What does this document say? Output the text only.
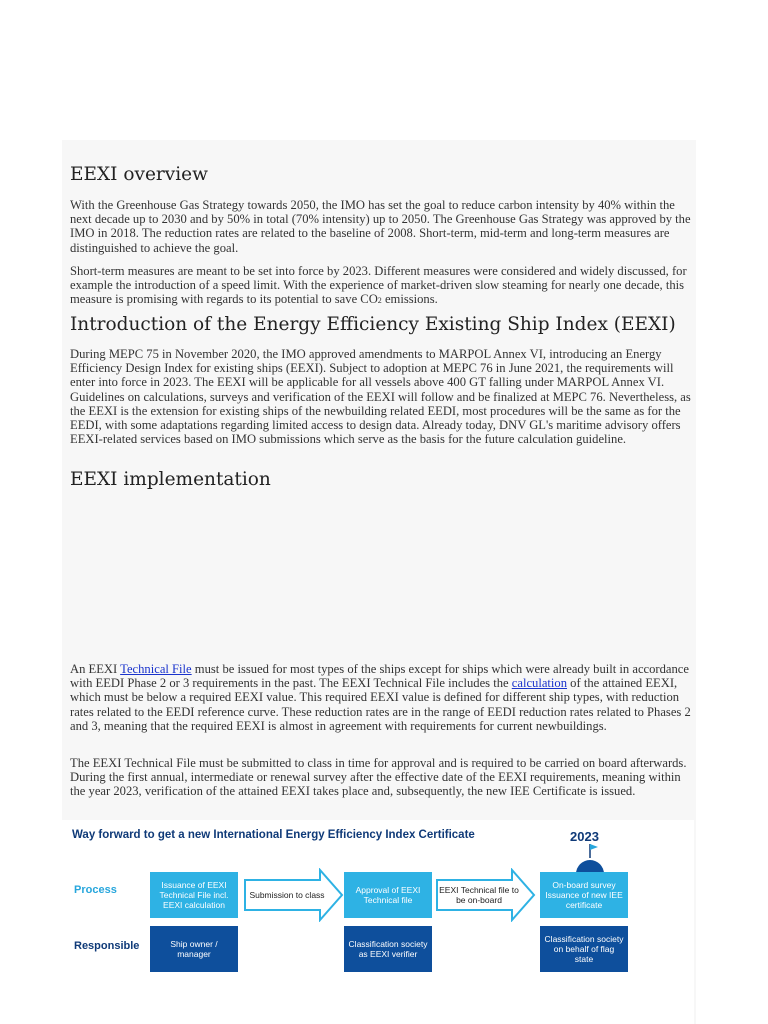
EEXI overview

With the Greenhouse Gas Strategy towards 2050, the IMO has set the goal to reduce carbon intensity by 40% within the next decade up to 2030 and by 50% in total (70% intensity) up to 2050. The Greenhouse Gas Strategy was approved by the IMO in 2018. The reduction rates are related to the baseline of 2008. Short-term, mid-term and long-term measures are distinguished to achieve the goal.

Short-term measures are meant to be set into force by 2023. Different measures were considered and widely discussed, for example the introduction of a speed limit. With the experience of market-driven slow steaming for nearly one decade, this measure is promising with regards to its potential to save CO2 emissions.

Introduction of the Energy Efficiency Existing Ship Index (EEXI)

During MEPC 75 in November 2020, the IMO approved amendments to MARPOL Annex VI, introducing an Energy Efficiency Design Index for existing ships (EEXI). Subject to adoption at MEPC 76 in June 2021, the requirements will enter into force in 2023. The EEXI will be applicable for all vessels above 400 GT falling under MARPOL Annex VI. Guidelines on calculations, surveys and verification of the EEXI will follow and be finalized at MEPC 76. Nevertheless, as the EEXI is the extension for existing ships of the newbuilding related EEDI, most procedures will be the same as for the EEDI, with some adaptations regarding limited access to design data. Already today, DNV GL's maritime advisory offers EEXI-related services based on IMO submissions which serve as the basis for the future calculation guideline.

EEXI implementation

An EEXI Technical File must be issued for most types of the ships except for ships which were already built in accordance with EEDI Phase 2 or 3 requirements in the past. The EEXI Technical File includes the calculation of the attained EEXI, which must be below a required EEXI value. This required EEXI value is defined for different ship types, with reduction rates related to the EEDI reference curve. These reduction rates are in the range of EEDI reduction rates related to Phases 2 and 3, meaning that the required EEXI is almost in agreement with requirements for current newbuildings.

The EEXI Technical File must be submitted to class in time for approval and is required to be carried on board afterwards. During the first annual, intermediate or renewal survey after the effective date of the EEXI requirements, meaning within the year 2023, verification of the attained EEXI takes place and, subsequently, the new IEE Certificate is issued.

Way forward to get a new International Energy Efficiency Index Certificate	2023
Process
Responsible
Issuance of EEXI Technical File incl. EEXI calculation
Submission to class	Approval of EEXI Technical file
EEXI Technical file to be on-board
On-board survey Issuance of new IEE certificate
Ship owner / manager
Classification society as EEXI verifier
Classification society on behalf of flag state
